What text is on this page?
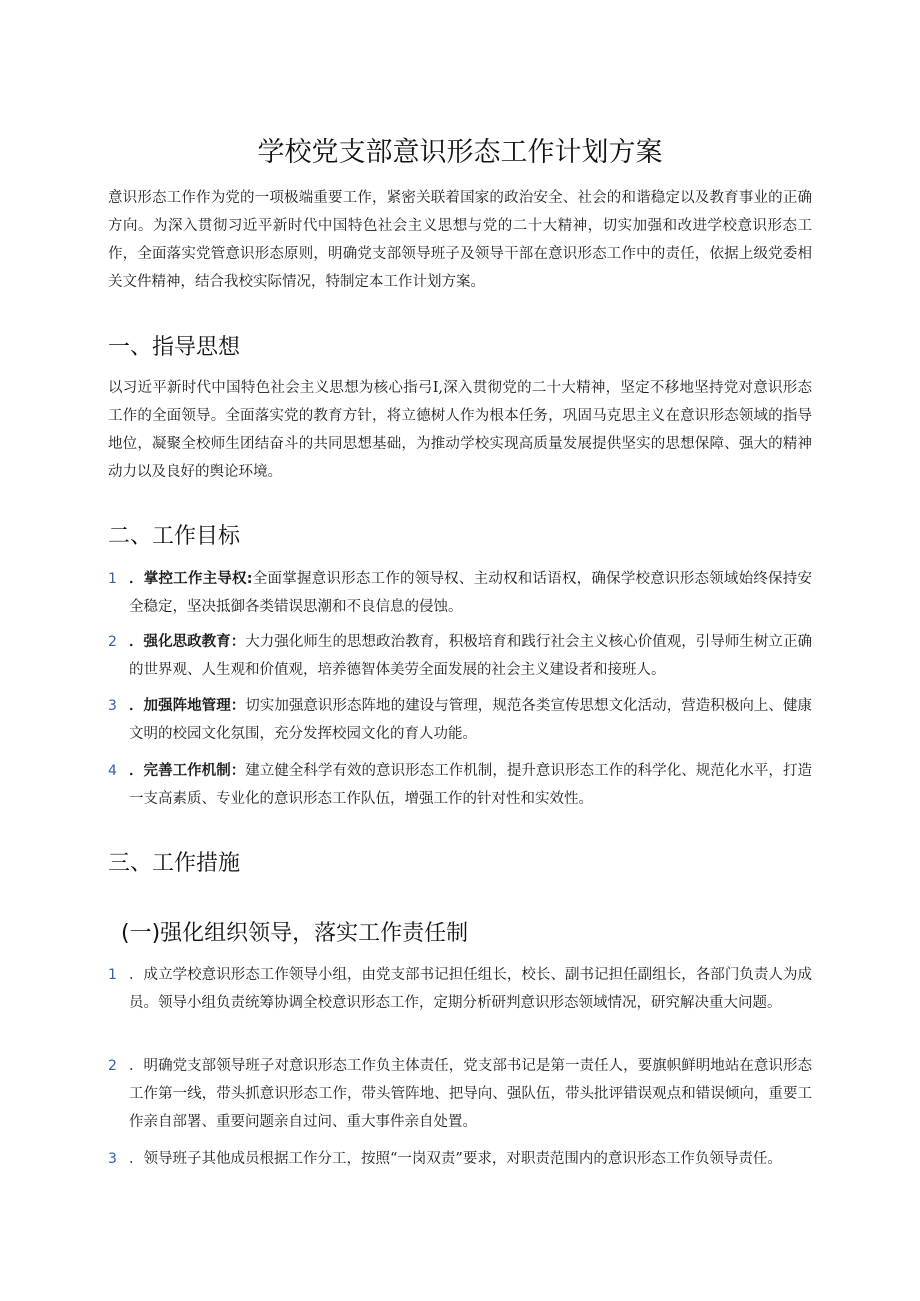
学校党支部意识形态工作计划方案

意识形态工作作为党的一项极端重要工作，紧密关联着国家的政治安全、社会的和谐稳定以及教育事业的正确方向。为深入贯彻习近平新时代中国特色社会主义思想与党的二十大精神，切实加强和改进学校意识形态工作，全面落实党管意识形态原则，明确党支部领导班子及领导干部在意识形态工作中的责任，依据上级党委相关文件精神，结合我校实际情况，特制定本工作计划方案。

一、指导思想

以习近平新时代中国特色社会主义思想为核心指弓I,深入贯彻党的二十大精神，坚定不移地坚持党对意识形态工作的全面领导。全面落实党的教育方针，将立德树人作为根本任务，巩固马克思主义在意识形态领域的指导地位，凝聚全校师生团结奋斗的共同思想基础，为推动学校实现高质量发展提供坚实的思想保障、强大的精神动力以及良好的舆论环境。

二、工作目标
1 ．掌控工作主导权:全面掌握意识形态工作的领导权、主动权和话语权，确保学校意识形态领域始终保持安全稳定，坚决抵御各类错误思潮和不良信息的侵蚀。

2 ．强化思政教育：大力强化师生的思想政治教育，积极培育和践行社会主义核心价值观，引导师生树立正确的世界观、人生观和价值观，培养德智体美劳全面发展的社会主义建设者和接班人。

3 ．加强阵地管理：切实加强意识形态阵地的建设与管理，规范各类宣传思想文化活动，营造积极向上、健康文明的校园文化氛围，充分发挥校园文化的育人功能。

4 ．完善工作机制：建立健全科学有效的意识形态工作机制，提升意识形态工作的科学化、规范化水平，打造一支高素质、专业化的意识形态工作队伍，增强工作的针对性和实效性。

三、工作措施
(一)强化组织领导，落实工作责任制
1 ．成立学校意识形态工作领导小组，由党支部书记担任组长，校长、副书记担任副组长，各部门负责人为成员。领导小组负责统筹协调全校意识形态工作，定期分析研判意识形态领域情况，研究解决重大问题。

2 ．明确党支部领导班子对意识形态工作负主体责任，党支部书记是第一责任人，要旗帜鲜明地站在意识形态工作第一线，带头抓意识形态工作，带头管阵地、把导向、强队伍，带头批评错误观点和错误倾向，重要工作亲自部署、重要问题亲自过问、重大事件亲自处置。

3 ．领导班子其他成员根据工作分工，按照“一岗双责”要求，对职责范围内的意识形态工作负领导责任。
